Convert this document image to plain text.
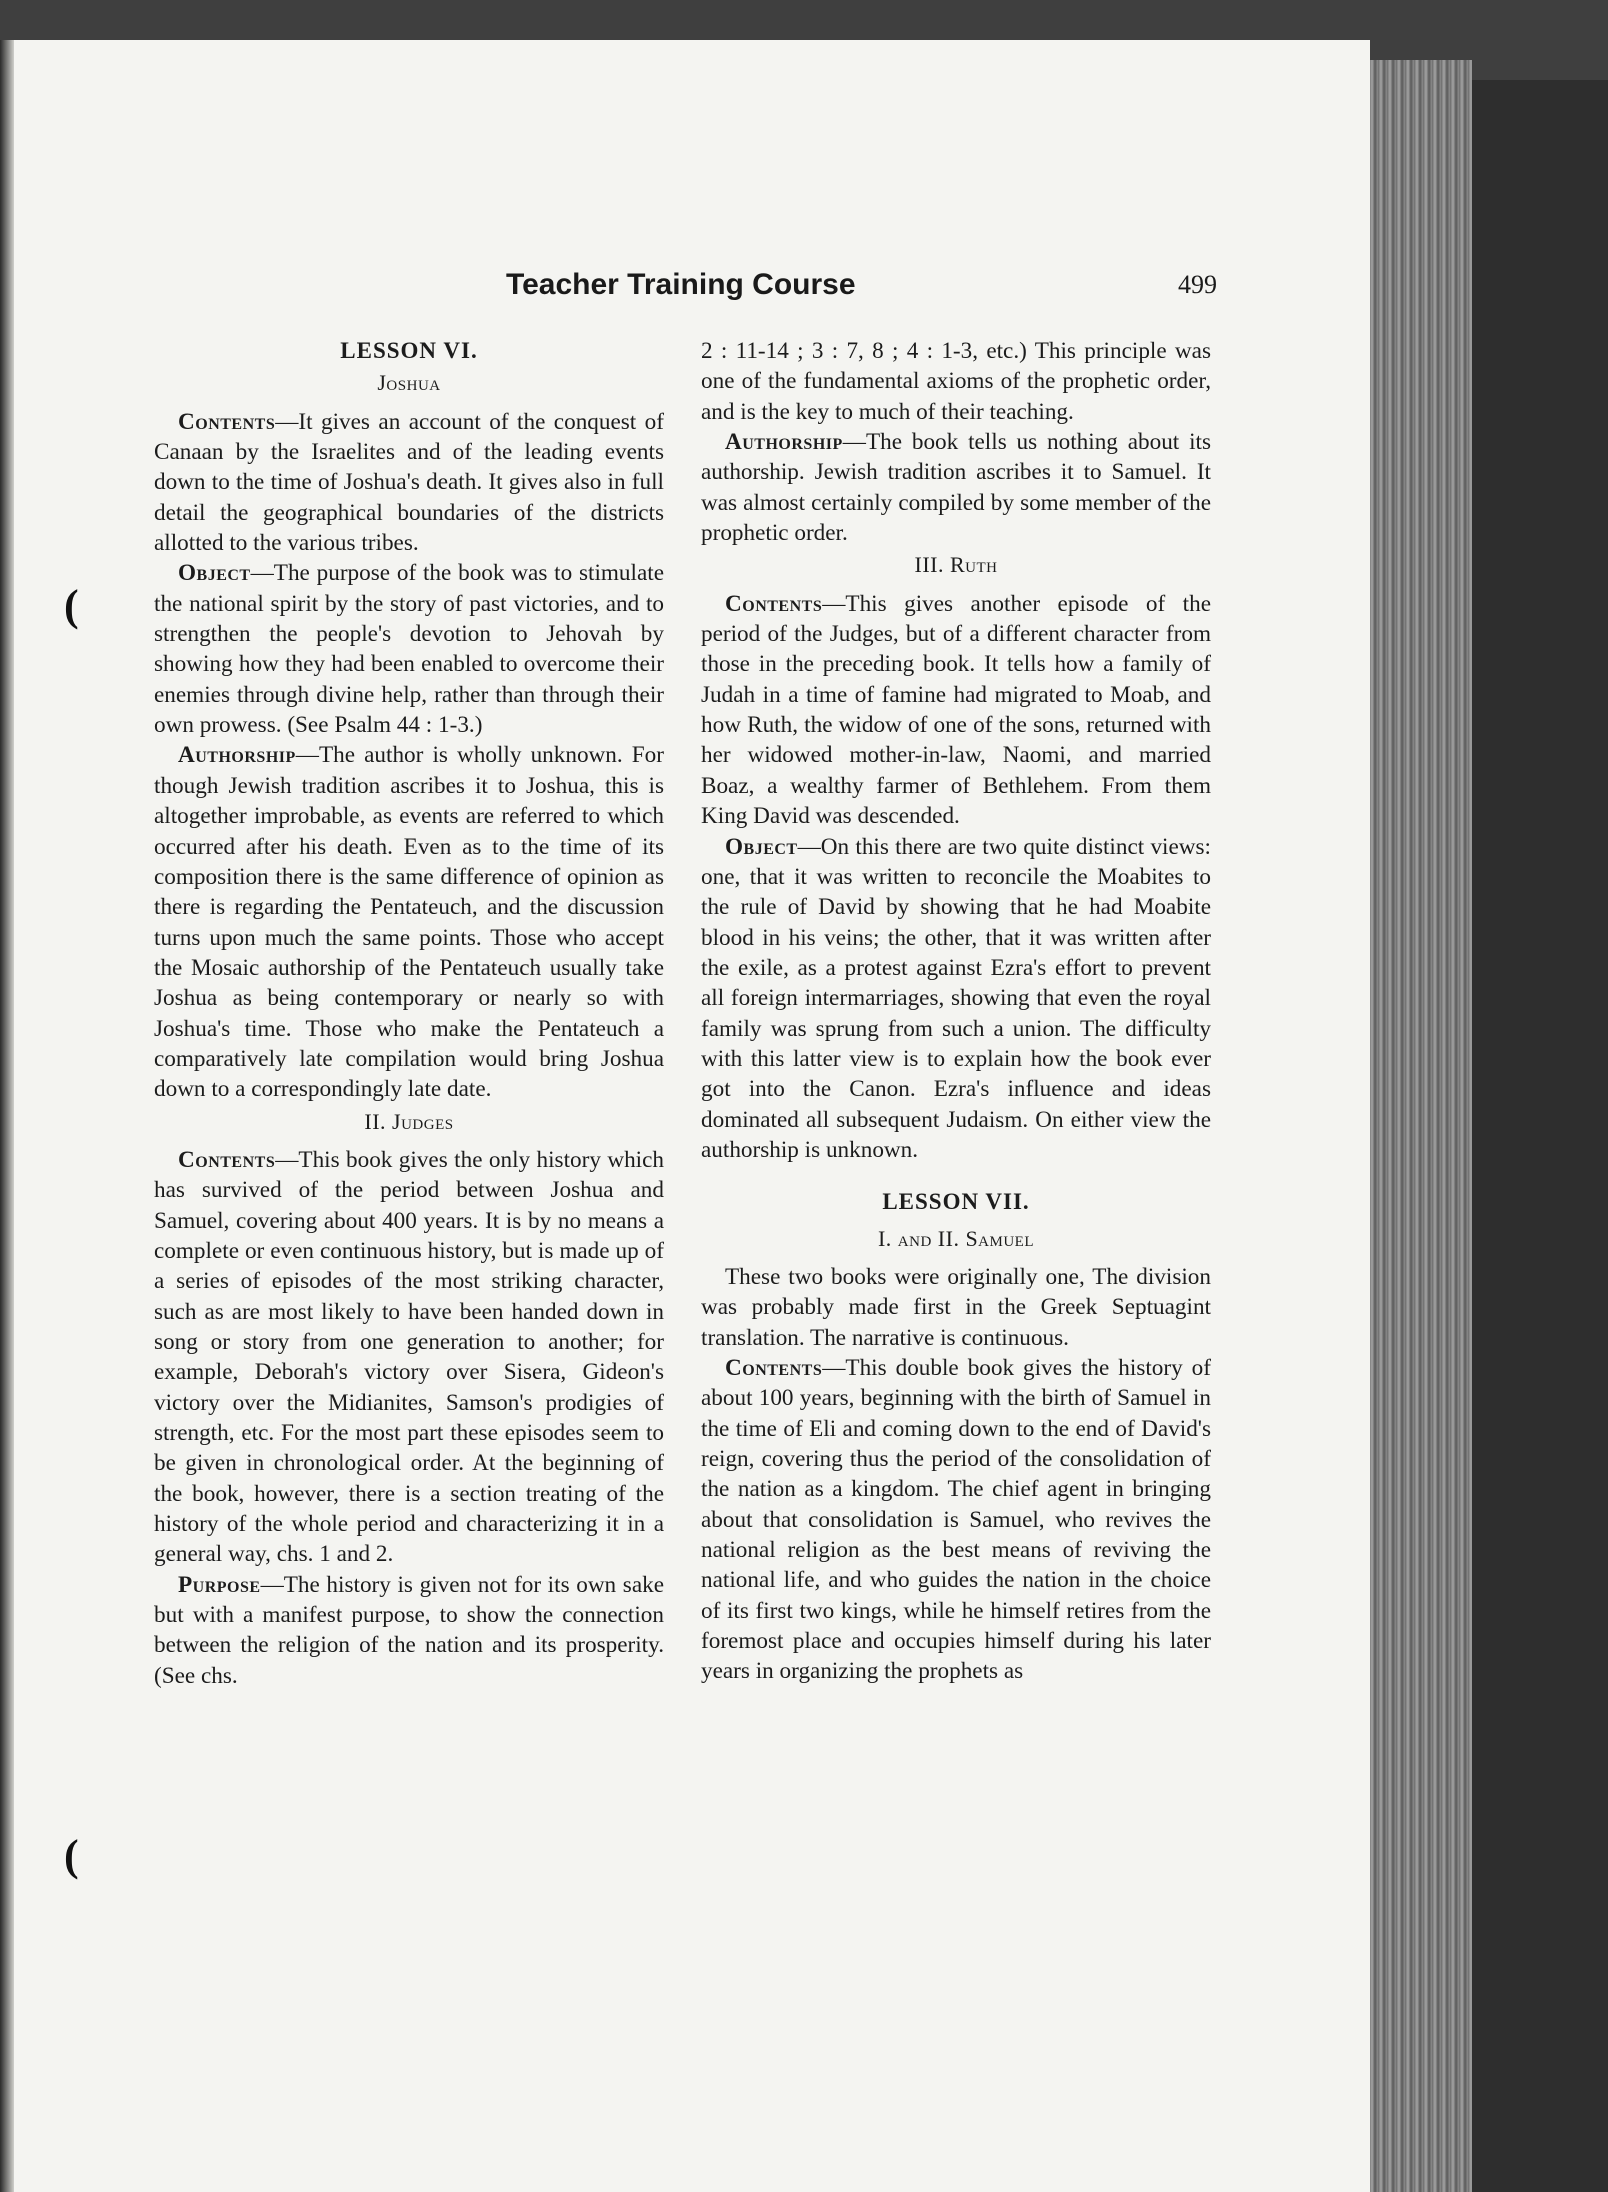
Teacher Training Course	499
(
(
LESSON VI.
Joshua

Contents—It gives an account of the conquest of Canaan by the Israelites and of the leading events down to the time of Joshua's death. It gives also in full detail the geographical boundaries of the districts allotted to the various tribes.

Object—The purpose of the book was to stimulate the national spirit by the story of past victories, and to strengthen the people's devotion to Jehovah by showing how they had been enabled to overcome their enemies through divine help, rather than through their own prowess. (See Psalm 44 : 1-3.)

Authorship—The author is wholly unknown. For though Jewish tradition ascribes it to Joshua, this is altogether improbable, as events are referred to which occurred after his death. Even as to the time of its composition there is the same difference of opinion as there is regarding the Pentateuch, and the discussion turns upon much the same points. Those who accept the Mosaic authorship of the Pentateuch usually take Joshua as being contemporary or nearly so with Joshua's time. Those who make the Pentateuch a comparatively late compilation would bring Joshua down to a correspondingly late date.

II. Judges

Contents—This book gives the only history which has survived of the period between Joshua and Samuel, covering about 400 years. It is by no means a complete or even continuous history, but is made up of a series of episodes of the most striking character, such as are most likely to have been handed down in song or story from one generation to another; for example, Deborah's victory over Sisera, Gideon's victory over the Midianites, Samson's prodigies of strength, etc. For the most part these episodes seem to be given in chronological order. At the beginning of the book, however, there is a section treating of the history of the whole period and characterizing it in a general way, chs. 1 and 2.

Purpose—The history is given not for its own sake but with a manifest purpose, to show the connection between the religion of the nation and its prosperity. (See chs.

2 : 11-14 ; 3 : 7, 8 ; 4 : 1-3, etc.) This principle was one of the fundamental axioms of the prophetic order, and is the key to much of their teaching.

Authorship—The book tells us nothing about its authorship. Jewish tradition ascribes it to Samuel. It was almost certainly compiled by some member of the prophetic order.

III. Ruth

Contents—This gives another episode of the period of the Judges, but of a different character from those in the preceding book. It tells how a family of Judah in a time of famine had migrated to Moab, and how Ruth, the widow of one of the sons, returned with her widowed mother-in-law, Naomi, and married Boaz, a wealthy farmer of Bethlehem. From them King David was descended.

Object—On this there are two quite distinct views: one, that it was written to reconcile the Moabites to the rule of David by showing that he had Moabite blood in his veins; the other, that it was written after the exile, as a protest against Ezra's effort to prevent all foreign intermarriages, showing that even the royal family was sprung from such a union. The difficulty with this latter view is to explain how the book ever got into the Canon. Ezra's influence and ideas dominated all subsequent Judaism. On either view the authorship is unknown.

LESSON VII.
I. and II. Samuel

These two books were originally one, The division was probably made first in the Greek Septuagint translation. The narrative is continuous.

Contents—This double book gives the history of about 100 years, beginning with the birth of Samuel in the time of Eli and coming down to the end of David's reign, covering thus the period of the consolidation of the nation as a kingdom. The chief agent in bringing about that consolidation is Samuel, who revives the national religion as the best means of reviving the national life, and who guides the nation in the choice of its first two kings, while he himself retires from the foremost place and occupies himself during his later years in organizing the prophets as
